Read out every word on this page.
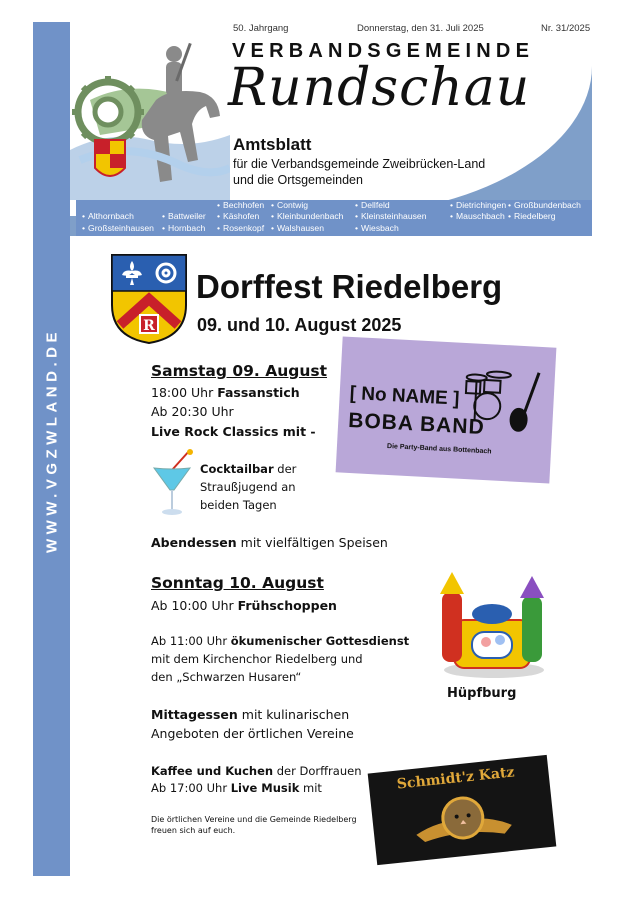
50. Jahrgang	Donnerstag, den 31. Juli 2025	Nr. 31/2025
WWW.VGZWLAND.DE
VERBANDSGEMEINDE
Rundschau
Amtsblatt
für die Verbandsgemeinde Zweibrücken-Land
und die Ortsgemeinden
• Althornbach
• Großsteinhausen
• Battweiler
• Hornbach
• Bechhofen
• Käshofen
• Rosenkopf
• Contwig
• Kleinbundenbach
• Walshausen
• Dellfeld
• Kleinsteinhausen
• Wiesbach
• Dietrichingen
• Mauschbach
• Großbundenbach
• Riedelberg
R
Dorffest Riedelberg
09. und 10. August 2025
Samstag 09. August
18:00 Uhr Fassanstich
Ab 20:30 Uhr
Live Rock Classics mit -
Cocktailbar der
Straußjugend an
beiden Tagen
Abendessen mit vielfältigen Speisen
[ No NAME ]
BOBA BAND
Die Party-Band aus Bottenbach
Sonntag 10. August
Ab 10:00 Uhr Frühschoppen
Ab 11:00 Uhr ökumenischer Gottesdienst
mit dem Kirchenchor Riedelberg und
den „Schwarzen Husaren“
Mittagessen mit kulinarischen
Angeboten der örtlichen Vereine
Kaffee und Kuchen der Dorffrauen
Ab 17:00 Uhr Live Musik mit
Die örtlichen Vereine und die Gemeinde Riedelberg
freuen sich auf euch.
Hüpfburg
Schmidt'z Katz
